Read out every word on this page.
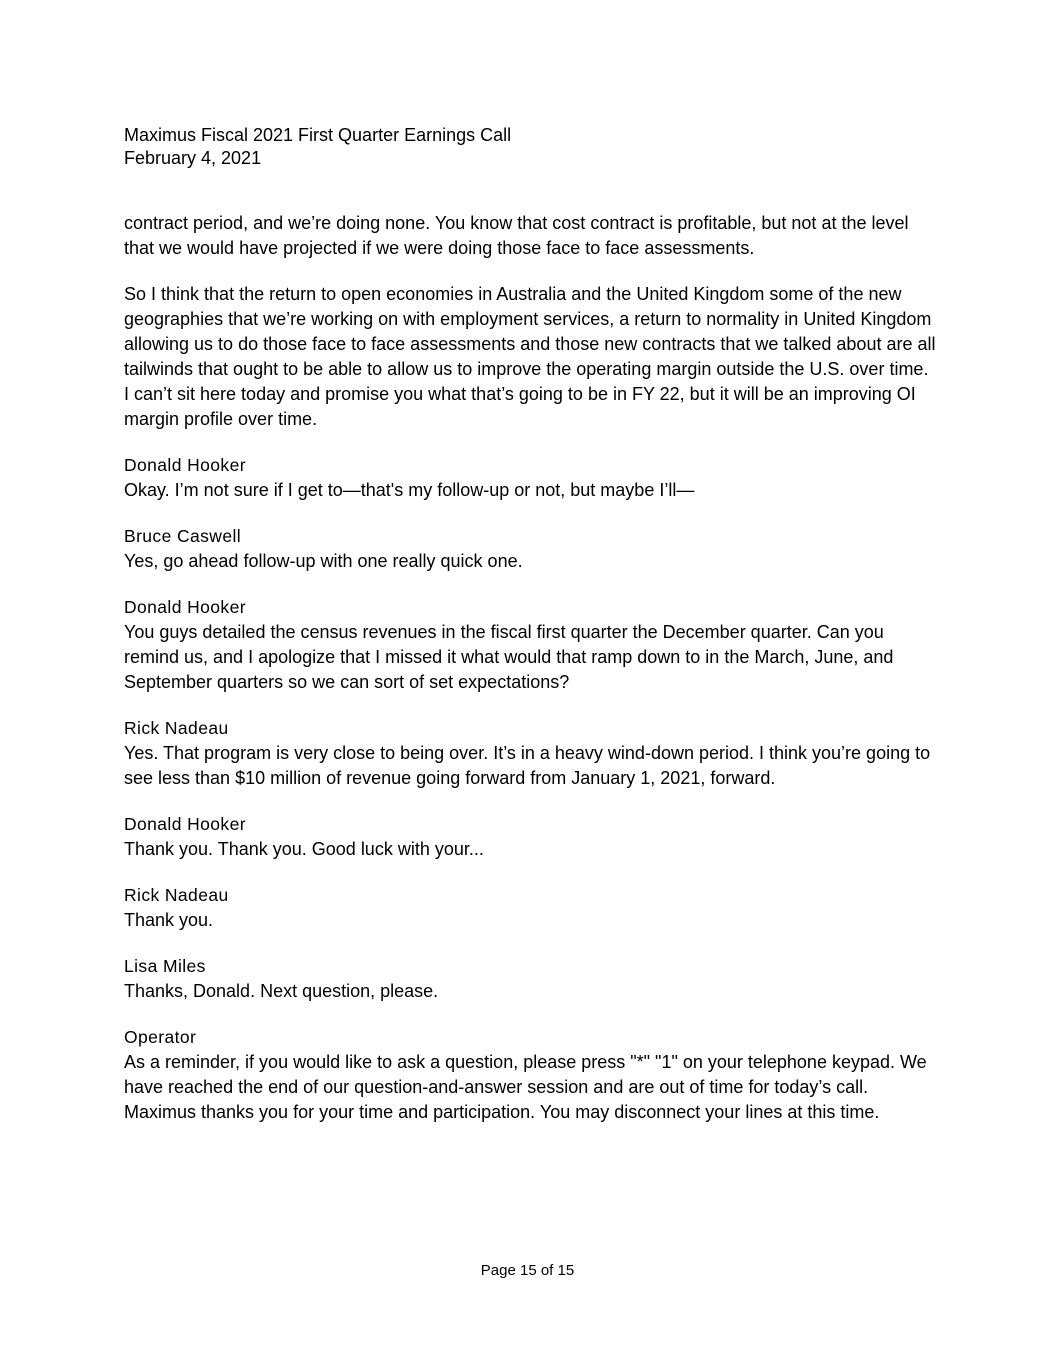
Maximus Fiscal 2021 First Quarter Earnings Call
February 4, 2021

contract period, and we’re doing none. You know that cost contract is profitable, but not at the level that we would have projected if we were doing those face to face assessments.

So I think that the return to open economies in Australia and the United Kingdom some of the new geographies that we’re working on with employment services, a return to normality in United Kingdom allowing us to do those face to face assessments and those new contracts that we talked about are all tailwinds that ought to be able to allow us to improve the operating margin outside the U.S. over time. I can’t sit here today and promise you what that’s going to be in FY 22, but it will be an improving OI margin profile over time.

Donald Hooker
Okay. I’m not sure if I get to—that's my follow-up or not, but maybe I’ll—
Bruce Caswell
Yes, go ahead follow-up with one really quick one.
Donald Hooker
You guys detailed the census revenues in the fiscal first quarter the December quarter. Can you remind us, and I apologize that I missed it what would that ramp down to in the March, June, and September quarters so we can sort of set expectations?
Rick Nadeau
Yes. That program is very close to being over. It’s in a heavy wind-down period. I think you’re going to see less than $10 million of revenue going forward from January 1, 2021, forward.
Donald Hooker
Thank you. Thank you. Good luck with your...
Rick Nadeau
Thank you.
Lisa Miles
Thanks, Donald. Next question, please.
Operator
As a reminder, if you would like to ask a question, please press "*" "1" on your telephone keypad. We have reached the end of our question-and-answer session and are out of time for today’s call. Maximus thanks you for your time and participation. You may disconnect your lines at this time.
Page 15 of 15
